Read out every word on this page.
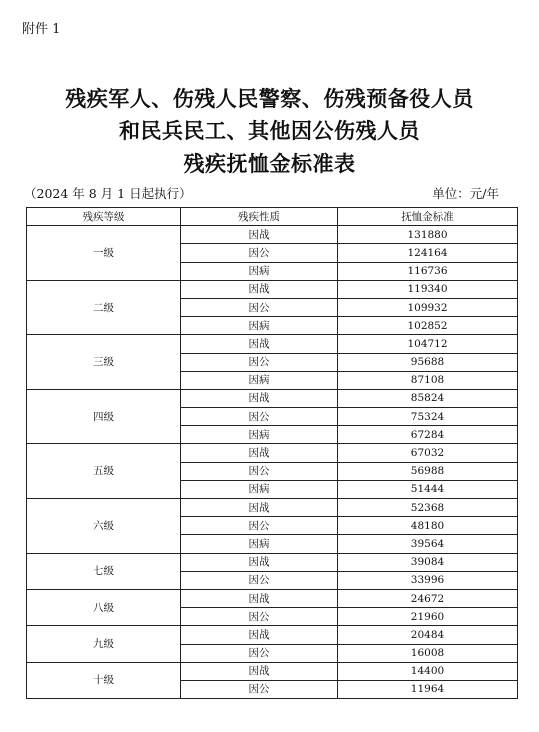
附件 1
残疾军人、伤残人民警察、伤残预备役人员
和民兵民工、其他因公伤残人员
残疾抚恤金标准表
（2024 年 8 月 1 日起执行）	单位：元/年
残疾等级	残疾性质	抚恤金标准
一级	因战	131880
	因公	124164
	因病	116736
二级	因战	119340
	因公	109932
	因病	102852
三级	因战	104712
	因公	95688
	因病	87108
四级	因战	85824
	因公	75324
	因病	67284
五级	因战	67032
	因公	56988
	因病	51444
六级	因战	52368
	因公	48180
	因病	39564
七级	因战	39084
	因公	33996
八级	因战	24672
	因公	21960
九级	因战	20484
	因公	16008
十级	因战	14400
	因公	11964
